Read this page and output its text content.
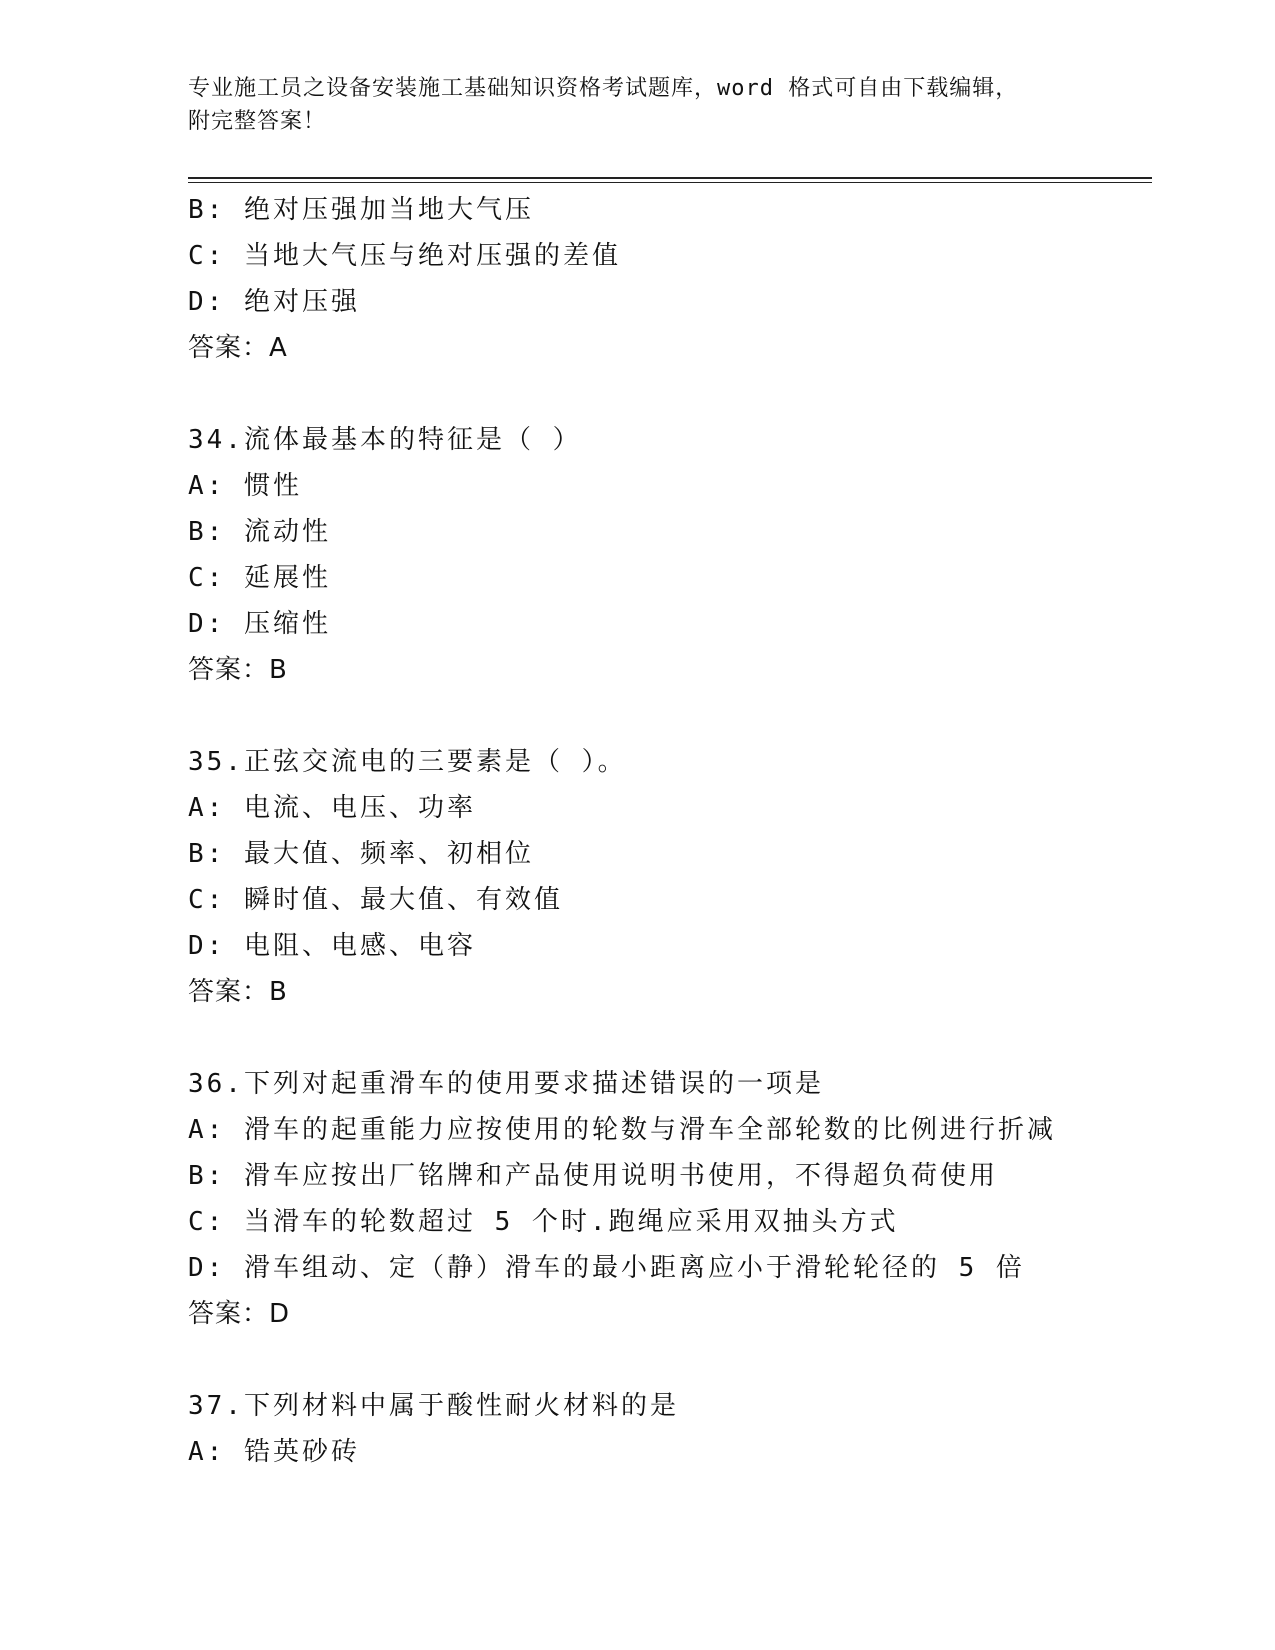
专业施工员之设备安装施工基础知识资格考试题库，word 格式可自由下载编辑，
附完整答案！
B: 绝对压强加当地大气压
C: 当地大气压与绝对压强的差值
D: 绝对压强
答案：A
34.流体最基本的特征是（ ）
A: 惯性
B: 流动性
C: 延展性
D: 压缩性
答案：B
35.正弦交流电的三要素是（ ）。
A: 电流、电压、功率
B: 最大值、频率、初相位
C: 瞬时值、最大值、有效值
D: 电阻、电感、电容
答案：B
36.下列对起重滑车的使用要求描述错误的一项是
A: 滑车的起重能力应按使用的轮数与滑车全部轮数的比例进行折减
B: 滑车应按出厂铭牌和产品使用说明书使用，不得超负荷使用
C: 当滑车的轮数超过 5 个时.跑绳应采用双抽头方式
D: 滑车组动、定（静）滑车的最小距离应小于滑轮轮径的 5 倍
答案：D
37.下列材料中属于酸性耐火材料的是
A: 锆英砂砖
